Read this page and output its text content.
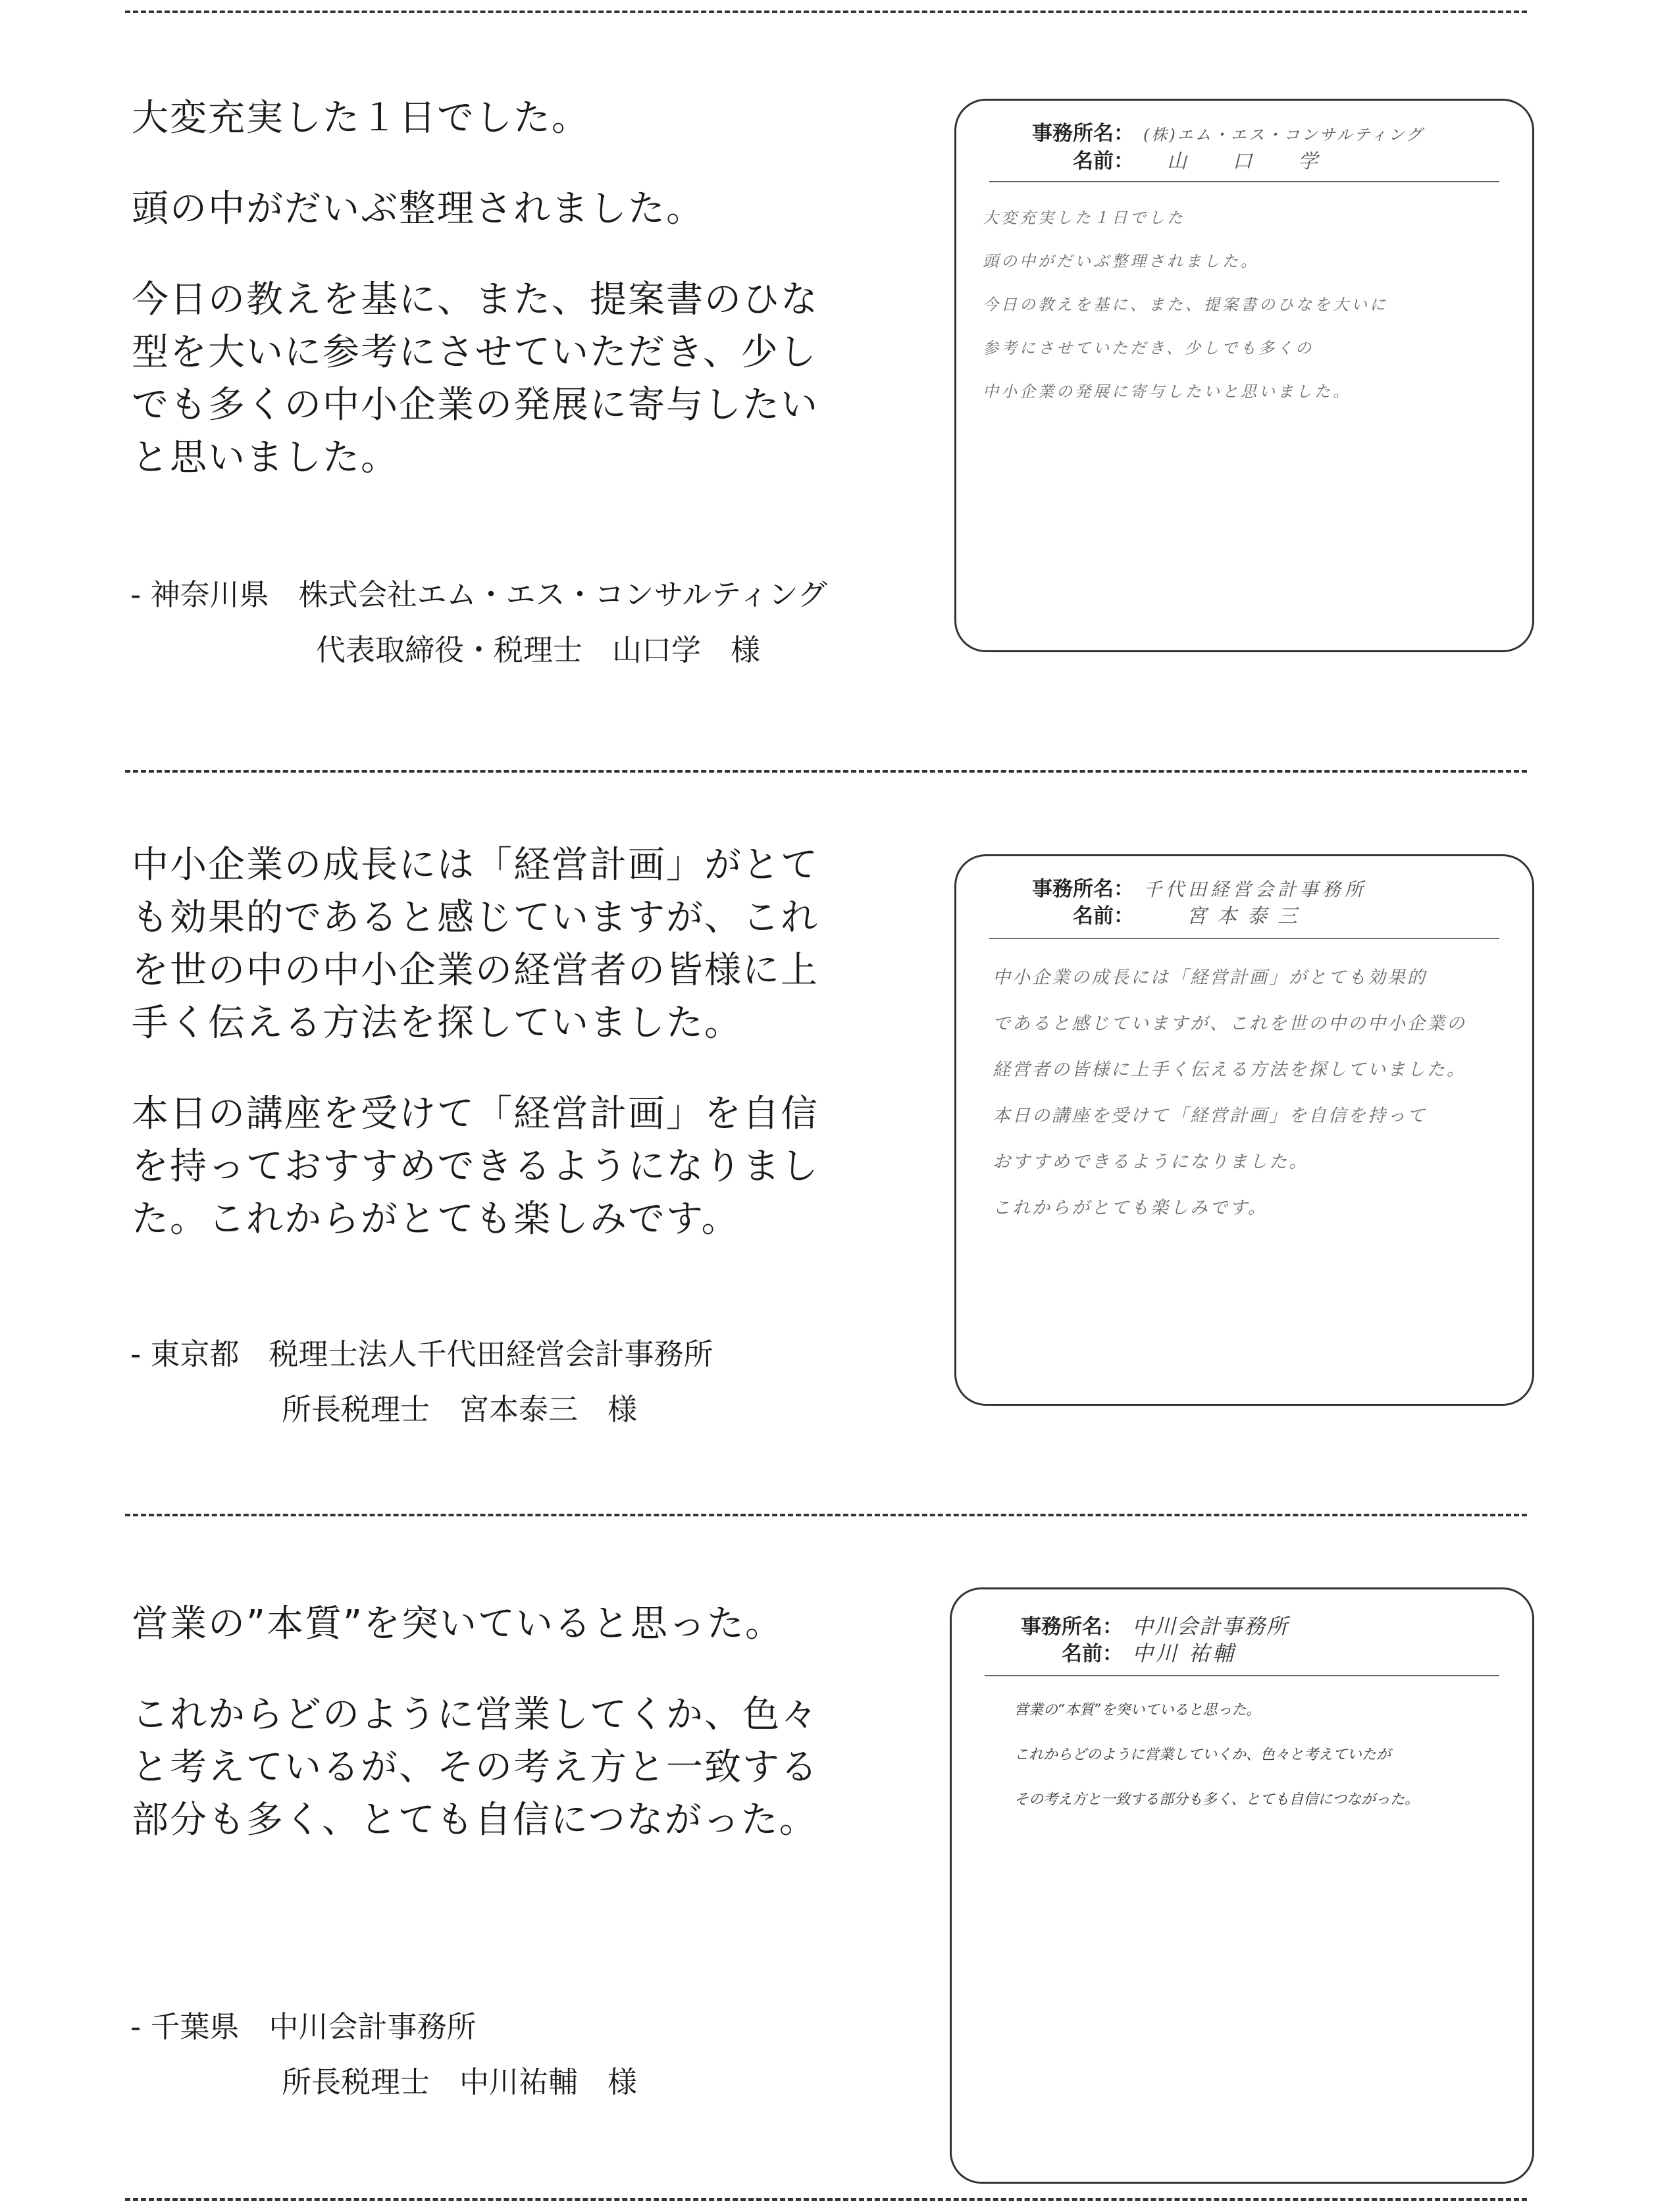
大変充実した１日でした。

頭の中がだいぶ整理されました。

今日の教えを基に、また、提案書のひな
型を大いに参考にさせていただき、少し
でも多くの中小企業の発展に寄与したい
と思いました。

- 神奈川県　株式会社エム・エス・コンサルティング
代表取締役・税理士　山口学　様
事務所名： (株)エム・エス・コンサルティング
名前： 山 口 学
大変充実した１日でした
頭の中がだいぶ整理されました。
今日の教えを基に、また、提案書のひなを大いに
参考にさせていただき、少しでも多くの
中小企業の発展に寄与したいと思いました。

中小企業の成長には「経営計画」がとて
も効果的であると感じていますが、これ
を世の中の中小企業の経営者の皆様に上
手く伝える方法を探していました。

本日の講座を受けて「経営計画」を自信
を持っておすすめできるようになりまし
た。これからがとても楽しみです。

- 東京都　税理士法人千代田経営会計事務所
所長税理士　宮本泰三　様
事務所名： 千代田経営会計事務所
名前：	宮本泰三
中小企業の成長には「経営計画」がとても効果的
であると感じていますが、これを世の中の中小企業の
経営者の皆様に上手く伝える方法を探していました。
本日の講座を受けて「経営計画」を自信を持って
おすすめできるようになりました。
これからがとても楽しみです。

営業の”本質”を突いていると思った。

これからどのように営業してくか、色々
と考えているが、その考え方と一致する
部分も多く、とても自信につながった。

- 千葉県　中川会計事務所
所長税理士　中川祐輔　様
事務所名： 中川会計事務所
名前： 中川 祐輔
営業の“本質”を突いていると思った。
これからどのように営業していくか、色々と考えていたが
その考え方と一致する部分も多く、とても自信につながった。
